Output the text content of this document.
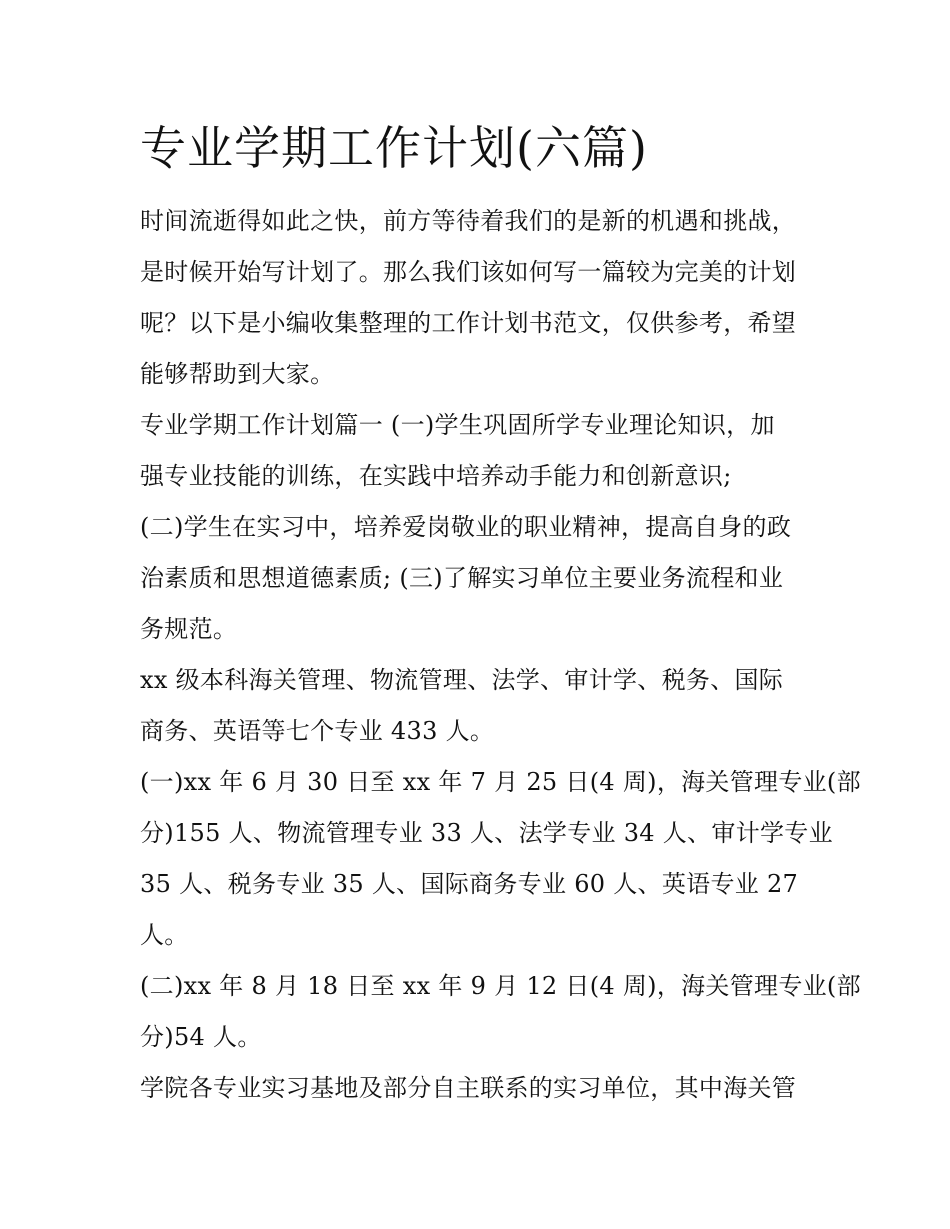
专业学期工作计划(六篇)

时间流逝得如此之快，前方等待着我们的是新的机遇和挑战，

是时候开始写计划了。那么我们该如何写一篇较为完美的计划

呢？以下是小编收集整理的工作计划书范文，仅供参考，希望

能够帮助到大家。

专业学期工作计划篇一 (一)学生巩固所学专业理论知识，加

强专业技能的训练，在实践中培养动手能力和创新意识;

(二)学生在实习中，培养爱岗敬业的职业精神，提高自身的政

治素质和思想道德素质; (三)了解实习单位主要业务流程和业

务规范。

xx 级本科海关管理、物流管理、法学、审计学、税务、国际

商务、英语等七个专业 433 人。

(一)xx 年 6 月 30 日至 xx 年 7 月 25 日(4 周)，海关管理专业(部

分)155 人、物流管理专业 33 人、法学专业 34 人、审计学专业

35 人、税务专业 35 人、国际商务专业 60 人、英语专业 27

人。

(二)xx 年 8 月 18 日至 xx 年 9 月 12 日(4 周)，海关管理专业(部

分)54 人。

学院各专业实习基地及部分自主联系的实习单位，其中海关管
